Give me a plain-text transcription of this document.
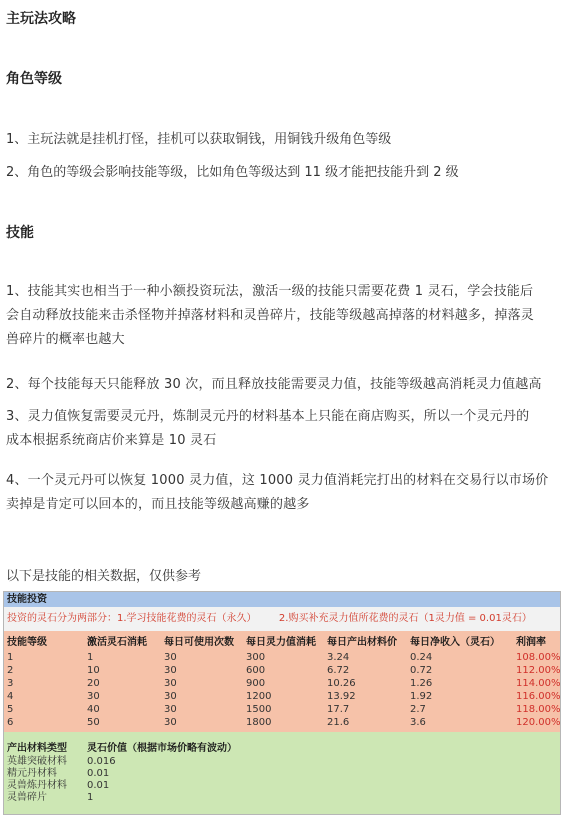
主玩法攻略
角色等级
1、主玩法就是挂机打怪，挂机可以获取铜钱，用铜钱升级角色等级
2、角色的等级会影响技能等级，比如角色等级达到 11 级才能把技能升到 2 级
技能
1、技能其实也相当于一种小额投资玩法，激活一级的技能只需要花费 1 灵石，学会技能后
会自动释放技能来击杀怪物并掉落材料和灵兽碎片，技能等级越高掉落的材料越多，掉落灵
兽碎片的概率也越大
2、每个技能每天只能释放 30 次，而且释放技能需要灵力值，技能等级越高消耗灵力值越高
3、灵力值恢复需要灵元丹，炼制灵元丹的材料基本上只能在商店购买，所以一个灵元丹的
成本根据系统商店价来算是 10 灵石
4、一个灵元丹可以恢复 1000 灵力值，这 1000 灵力值消耗完打出的材料在交易行以市场价
卖掉是肯定可以回本的，而且技能等级越高赚的越多
以下是技能的相关数据，仅供参考
技能投资
投资的灵石分为两部分：1.学习技能花费的灵石（永久） 2.购买补充灵力值所花费的灵石（1灵力值 = 0.01灵石）
技能等级	激活灵石消耗 每日可使用次数 每日灵力值消耗 每日产出材料价 每日净收入（灵石） 利润率
1	1	30	300	3.24	0.24	108.00%
2	10	30	600	6.72	0.72	112.00%
3	20	30	900	10.26	1.26	114.00%
4	30	30	1200	13.92	1.92	116.00%
5	40	30	1500	17.7	2.7	118.00%
6	50	30	1800	21.6	3.6	120.00%
产出材料类型 灵石价值（根据市场价略有波动）
英雄突破材料 0.016
精元丹材料	0.01
灵兽炼丹材料 0.01
灵兽碎片	1
